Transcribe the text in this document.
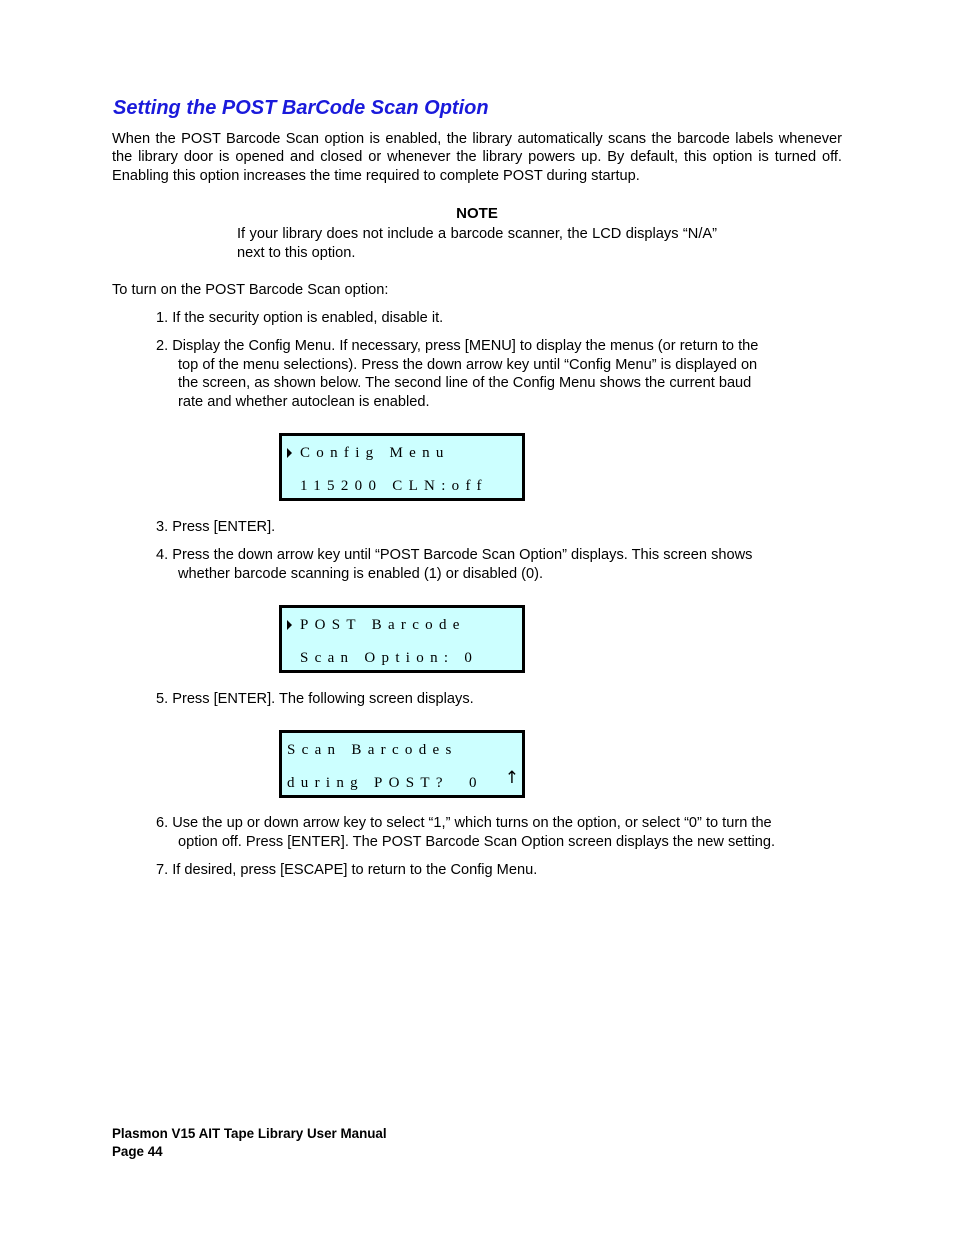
Setting the POST BarCode Scan Option
When the POST Barcode Scan option is enabled, the library automatically scans the barcode labels whenever the library door is opened and closed or whenever the library powers up. By default, this option is turned off. Enabling this option increases the time required to complete POST during startup.
NOTE
If your library does not include a barcode scanner, the LCD displays “N/A” next to this option.
To turn on the POST Barcode Scan option:
1. If the security option is enabled, disable it.
2. Display the Config Menu. If necessary, press [MENU] to display the menus (or return to the
top of the menu selections). Press the down arrow key until “Config Menu” is displayed on
the screen, as shown below. The second line of the Config Menu shows the current baud
rate and whether autoclean is enabled.
Config Menu
115200 CLN:off
3. Press [ENTER].
4. Press the down arrow key until “POST Barcode Scan Option” displays. This screen shows
whether barcode scanning is enabled (1) or disabled (0).
POST Barcode
Scan Option: 0
5. Press [ENTER]. The following screen displays.
Scan Barcodes
during POST?  0 ↑
6. Use the up or down arrow key to select “1,” which turns on the option, or select “0” to turn the
option off. Press [ENTER]. The POST Barcode Scan Option screen displays the new setting.
7. If desired, press [ESCAPE] to return to the Config Menu.
Plasmon V15 AIT Tape Library User Manual
Page 44
